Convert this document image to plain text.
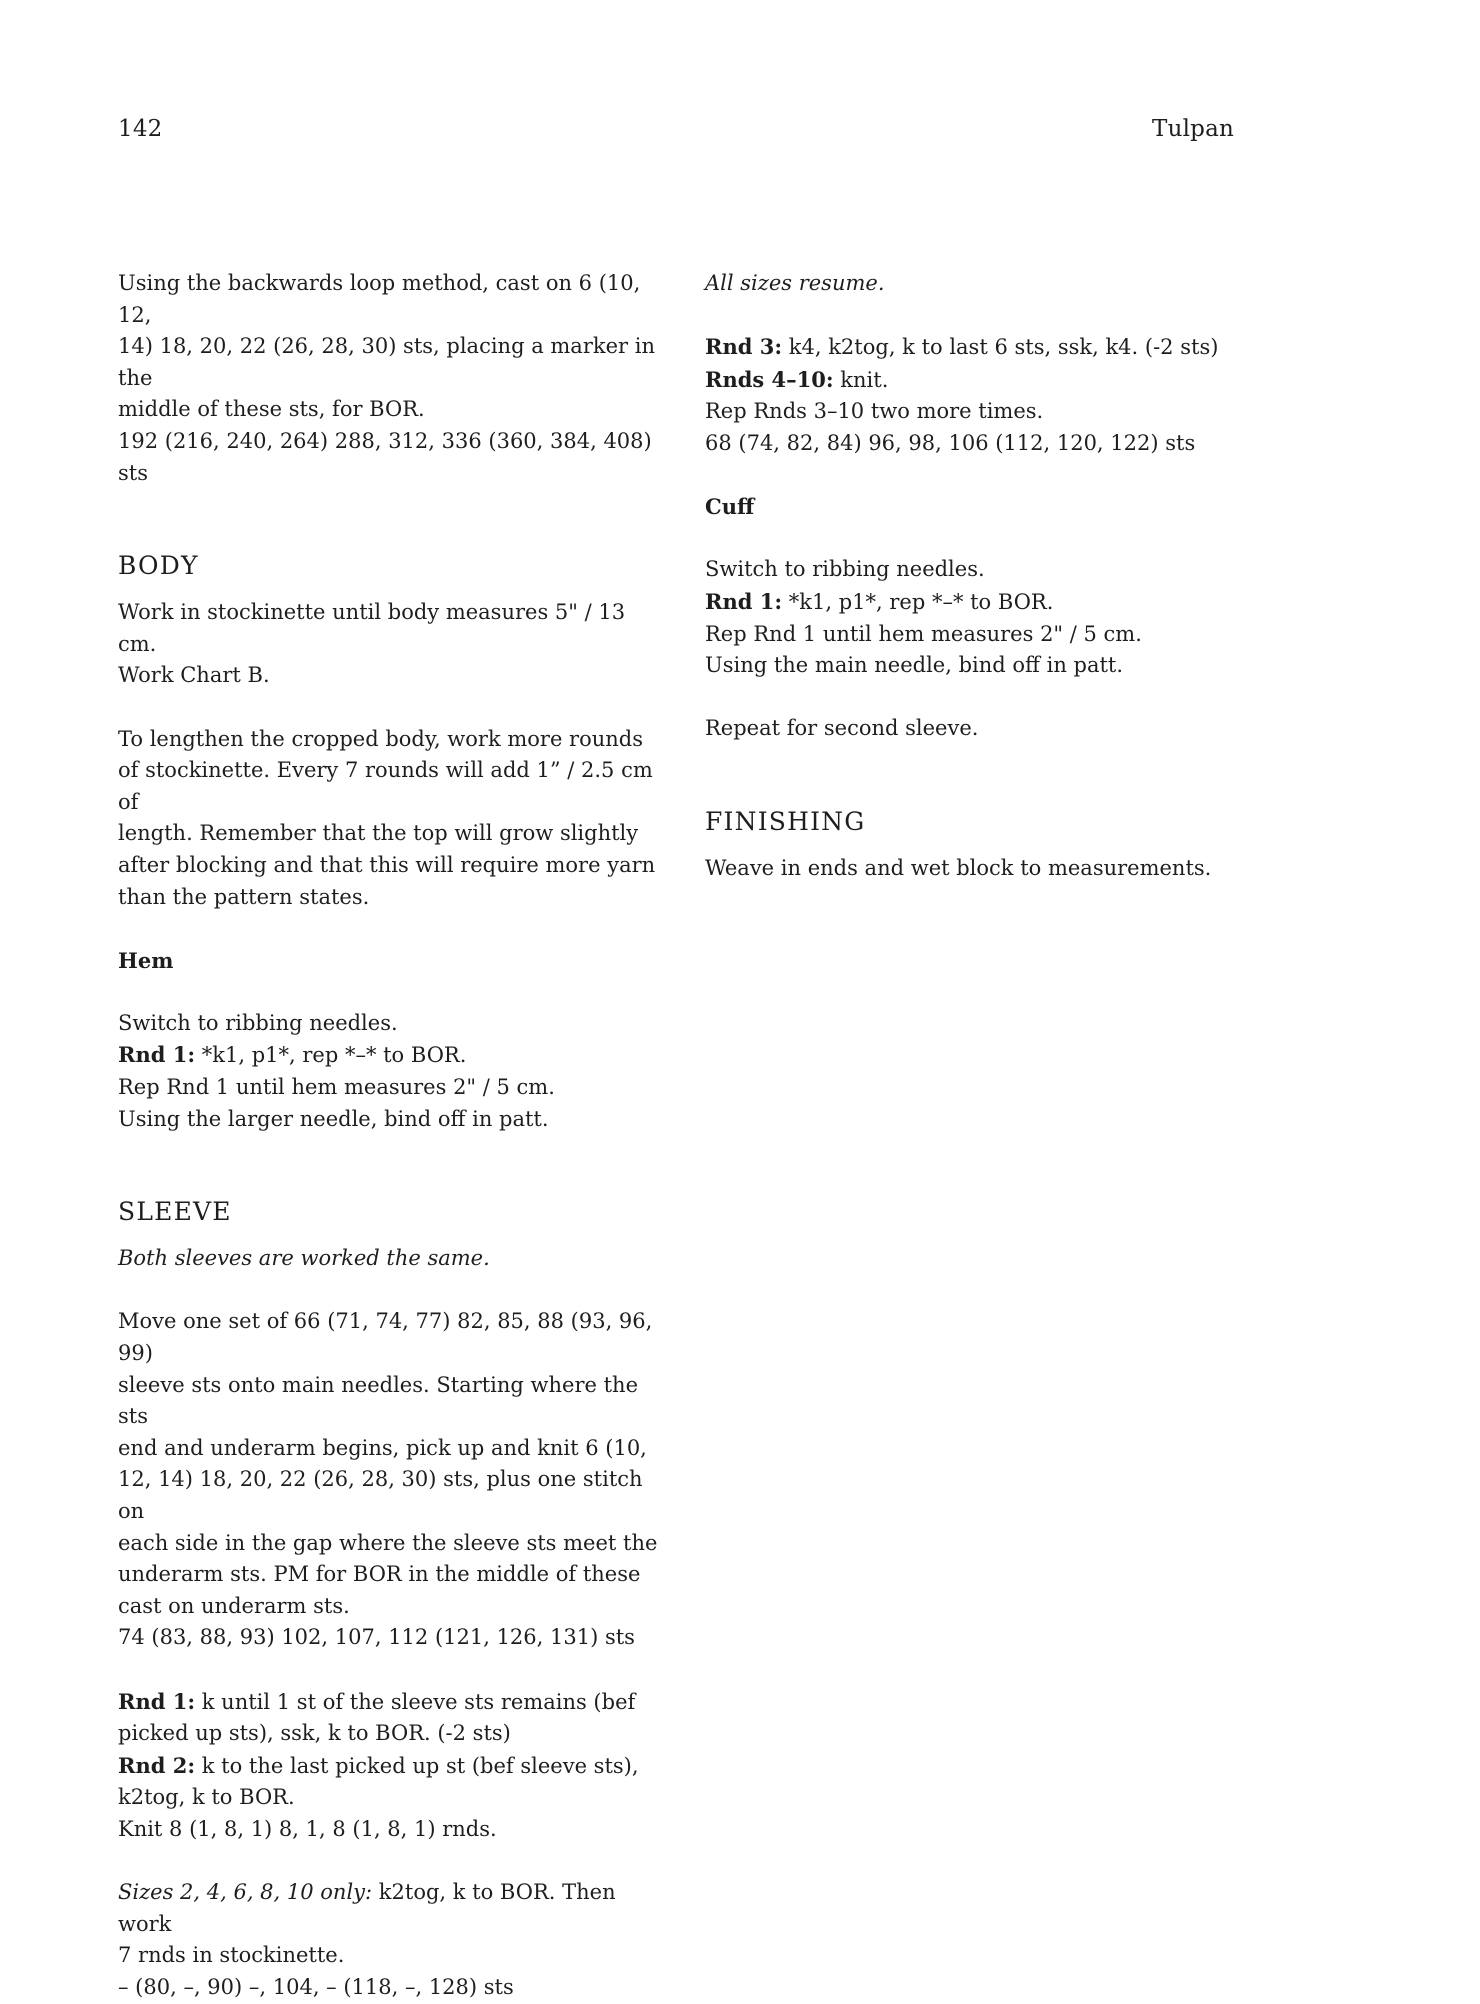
142	Tulpan

Using the backwards loop method, cast on 6 (10, 12,

14) 18, 20, 22 (26, 28, 30) sts, placing a marker in the

middle of these sts, for BOR.

192 (216, 240, 264) 288, 312, 336 (360, 384, 408) sts

BODY

Work in stockinette until body measures 5" / 13 cm.

Work Chart B.

To lengthen the cropped body, work more rounds

of stockinette. Every 7 rounds will add 1” / 2.5 cm of

length. Remember that the top will grow slightly

after blocking and that this will require more yarn

than the pattern states.

Hem

Switch to ribbing needles.

Rnd 1: *k1, p1*, rep *–* to BOR.

Rep Rnd 1 until hem measures 2" / 5 cm.

Using the larger needle, bind off in patt.

SLEEVE

Both sleeves are worked the same.

Move one set of 66 (71, 74, 77) 82, 85, 88 (93, 96, 99)

sleeve sts onto main needles. Starting where the sts

end and underarm begins, pick up and knit 6 (10,

12, 14) 18, 20, 22 (26, 28, 30) sts, plus one stitch on

each side in the gap where the sleeve sts meet the

underarm sts. PM for BOR in the middle of these

cast on underarm sts.

74 (83, 88, 93) 102, 107, 112 (121, 126, 131) sts

Rnd 1: k until 1 st of the sleeve sts remains (bef

picked up sts), ssk, k to BOR. (-2 sts)

Rnd 2: k to the last picked up st (bef sleeve sts),

k2tog, k to BOR.

Knit 8 (1, 8, 1) 8, 1, 8 (1, 8, 1) rnds.

Sizes 2, 4, 6, 8, 10 only: k2tog, k to BOR. Then work

7 rnds in stockinette.

– (80, –, 90) –, 104, – (118, –, 128) sts

All sizes resume.

Rnd 3: k4, k2tog, k to last 6 sts, ssk, k4. (-2 sts)

Rnds 4–10: knit.

Rep Rnds 3–10 two more times.

68 (74, 82, 84) 96, 98, 106 (112, 120, 122) sts

Cuff

Switch to ribbing needles.

Rnd 1: *k1, p1*, rep *–* to BOR.

Rep Rnd 1 until hem measures 2" / 5 cm.

Using the main needle, bind off in patt.

Repeat for second sleeve.

FINISHING

Weave in ends and wet block to measurements.
